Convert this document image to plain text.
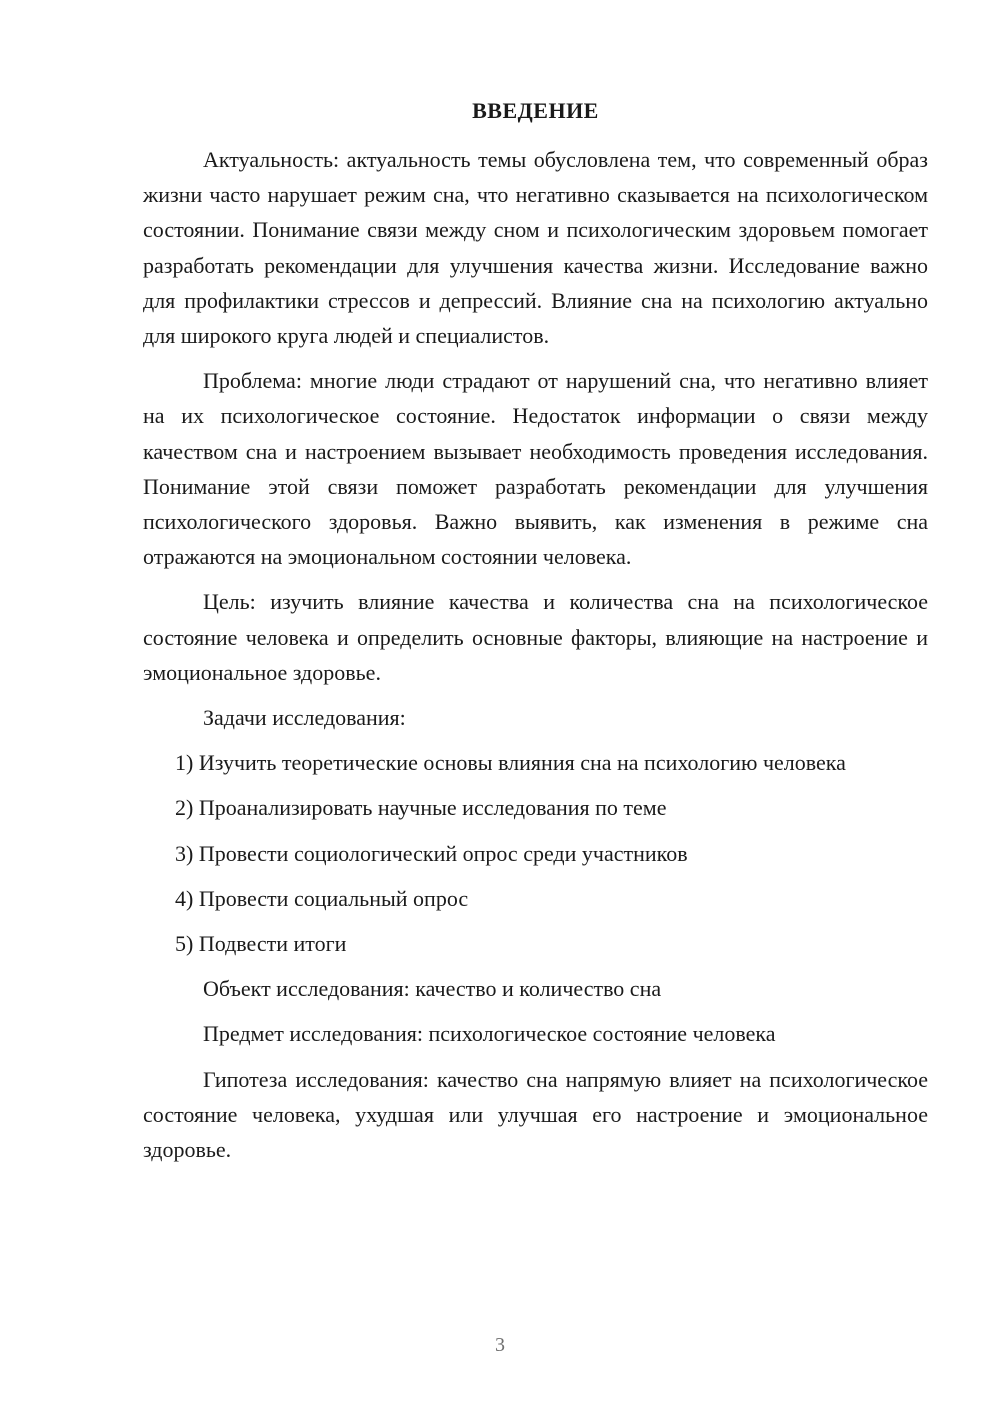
ВВЕДЕНИЕ

Актуальность: актуальность темы обусловлена тем, что современный образ жизни часто нарушает режим сна, что негативно сказывается на психологическом состоянии. Понимание связи между сном и психологическим здоровьем помогает разработать рекомендации для улучшения качества жизни. Исследование важно для профилактики стрессов и депрессий. Влияние сна на психологию актуально для широкого круга людей и специалистов.

Проблема: многие люди страдают от нарушений сна, что негативно влияет на их психологическое состояние. Недостаток информации о связи между качеством сна и настроением вызывает необходимость проведения исследования. Понимание этой связи поможет разработать рекомендации для улучшения психологического здоровья. Важно выявить, как изменения в режиме сна отражаются на эмоциональном состоянии человека.

Цель: изучить влияние качества и количества сна на психологическое состояние человека и определить основные факторы, влияющие на настроение и эмоциональное здоровье.

Задачи исследования:

1) Изучить теоретические основы влияния сна на психологию человека

2) Проанализировать научные исследования по теме

3) Провести социологический опрос среди участников

4) Провести социальный опрос

5) Подвести итоги

Объект исследования: качество и количество сна

Предмет исследования: психологическое состояние человека

Гипотеза исследования: качество сна напрямую влияет на психологическое состояние человека, ухудшая или улучшая его настроение и эмоциональное здоровье.

3
